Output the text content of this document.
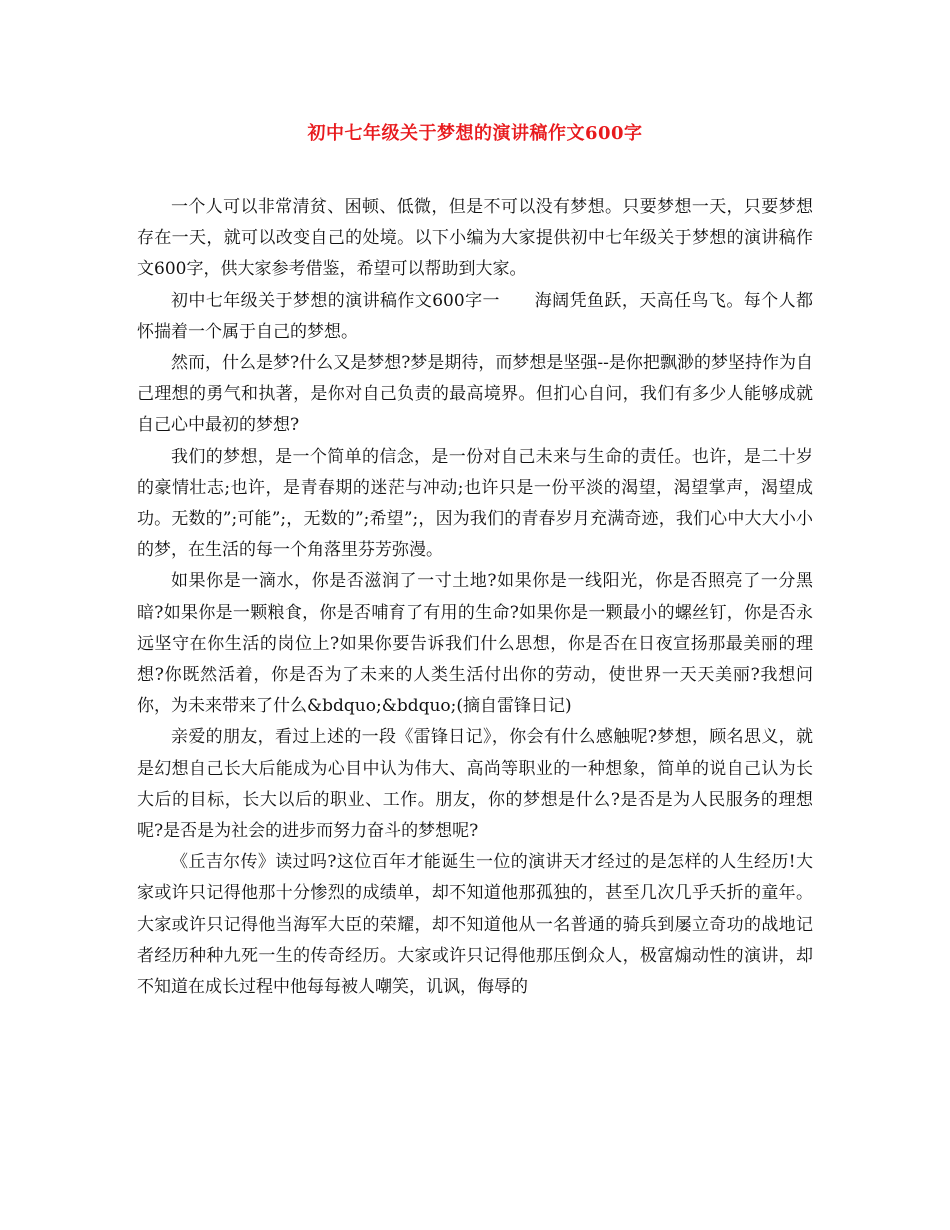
初中七年级关于梦想的演讲稿作文600字

一个人可以非常清贫、困顿、低微，但是不可以没有梦想。只要梦想一天，只要梦想存在一天，就可以改变自己的处境。以下小编为大家提供初中七年级关于梦想的演讲稿作文600字，供大家参考借鉴，希望可以帮助到大家。

初中七年级关于梦想的演讲稿作文600字一　　海阔凭鱼跃，天高任鸟飞。每个人都怀揣着一个属于自己的梦想。

然而，什么是梦?什么又是梦想?梦是期待，而梦想是坚强--是你把飘渺的梦坚持作为自己理想的勇气和执著，是你对自己负责的最高境界。但扪心自问，我们有多少人能够成就自己心中最初的梦想?

我们的梦想，是一个简单的信念，是一份对自己未来与生命的责任。也许，是二十岁的豪情壮志;也许，是青春期的迷茫与冲动;也许只是一份平淡的渴望，渴望掌声，渴望成功。无数的”;可能”;，无数的”;希望”;，因为我们的青春岁月充满奇迹，我们心中大大小小的梦，在生活的每一个角落里芬芳弥漫。

如果你是一滴水，你是否滋润了一寸土地?如果你是一线阳光，你是否照亮了一分黑暗?如果你是一颗粮食，你是否哺育了有用的生命?如果你是一颗最小的螺丝钉，你是否永远坚守在你生活的岗位上?如果你要告诉我们什么思想，你是否在日夜宣扬那最美丽的理想?你既然活着，你是否为了未来的人类生活付出你的劳动，使世界一天天美丽?我想问你，为未来带来了什么&bdquo;&bdquo;(摘自雷锋日记)

亲爱的朋友，看过上述的一段《雷锋日记》，你会有什么感触呢?梦想，顾名思义，就是幻想自己长大后能成为心目中认为伟大、高尚等职业的一种想象，简单的说自己认为长大后的目标，长大以后的职业、工作。朋友，你的梦想是什么?是否是为人民服务的理想呢?是否是为社会的进步而努力奋斗的梦想呢?

《丘吉尔传》读过吗?这位百年才能诞生一位的演讲天才经过的是怎样的人生经历!大家或许只记得他那十分惨烈的成绩单，却不知道他那孤独的，甚至几次几乎夭折的童年。大家或许只记得他当海军大臣的荣耀，却不知道他从一名普通的骑兵到屡立奇功的战地记者经历种种九死一生的传奇经历。大家或许只记得他那压倒众人，极富煽动性的演讲，却不知道在成长过程中他每每被人嘲笑，讥讽，侮辱的
